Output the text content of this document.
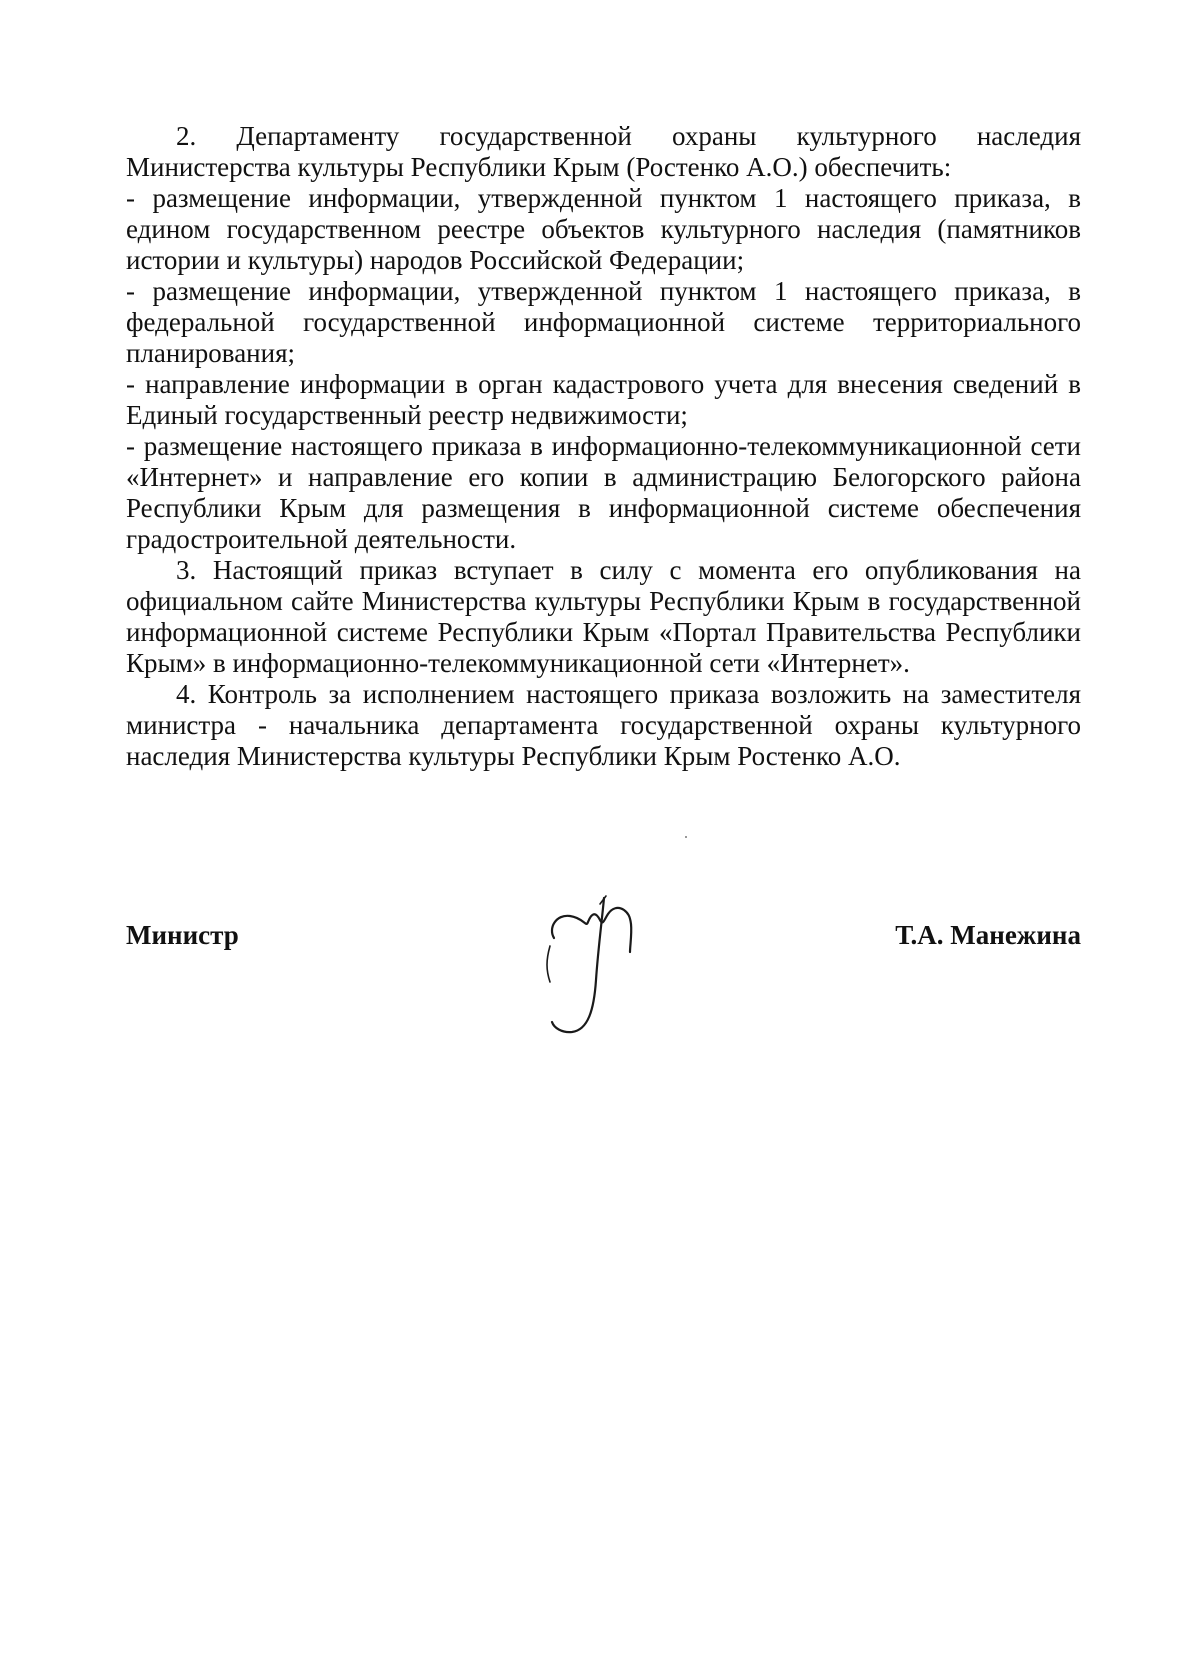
2. Департаменту государственной охраны культурного наследия Министерства культуры Республики Крым (Ростенко А.О.) обеспечить:

- размещение информации, утвержденной пунктом 1 настоящего приказа, в едином государственном реестре объектов культурного наследия (памятников истории и культуры) народов Российской Федерации;

- размещение информации, утвержденной пунктом 1 настоящего приказа, в федеральной государственной информационной системе территориального планирования;

- направление информации в орган кадастрового учета для внесения сведений в Единый государственный реестр недвижимости;

- размещение настоящего приказа в информационно-телекоммуникационной сети «Интернет» и направление его копии в администрацию Белогорского района Республики Крым для размещения в информационной системе обеспечения градостроительной деятельности.

3. Настоящий приказ вступает в силу с момента его опубликования на официальном сайте Министерства культуры Республики Крым в государственной информационной системе Республики Крым «Портал Правительства Республики Крым» в информационно-телекоммуникационной сети «Интернет».

4. Контроль за исполнением настоящего приказа возложить на заместителя министра - начальника департамента государственной охраны культурного наследия Министерства культуры Республики Крым Ростенко А.О.

Министр	Т.А. Манежина
